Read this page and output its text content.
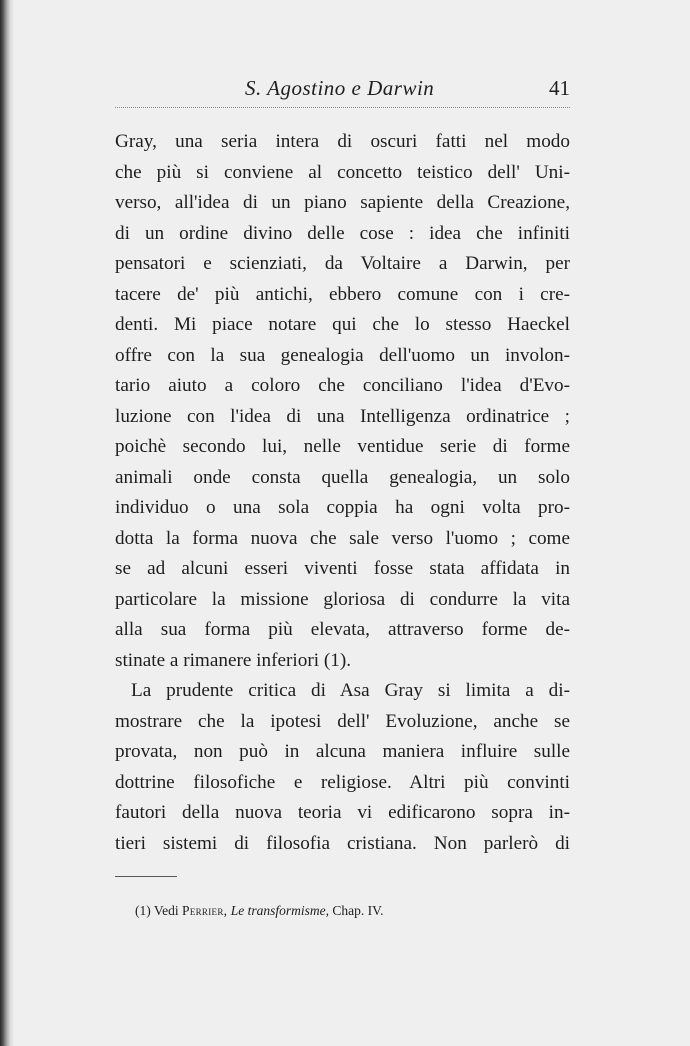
S. Agostino e Darwin	41
Gray, una seria intera di oscuri fatti nel modo
che più si conviene al concetto teistico dell' Uni-
verso, all'idea di un piano sapiente della Creazione,
di un ordine divino delle cose : idea che infiniti
pensatori e scienziati, da Voltaire a Darwin, per
tacere de' più antichi, ebbero comune con i cre-
denti. Mi piace notare qui che lo stesso Haeckel
offre con la sua genealogia dell'uomo un involon-
tario aiuto a coloro che conciliano l'idea d'Evo-
luzione con l'idea di una Intelligenza ordinatrice ;
poichè secondo lui, nelle ventidue serie di forme
animali onde consta quella genealogia, un solo
individuo o una sola coppia ha ogni volta pro-
dotta la forma nuova che sale verso l'uomo ; come
se ad alcuni esseri viventi fosse stata affidata in
particolare la missione gloriosa di condurre la vita
alla sua forma più elevata, attraverso forme de-
stinate a rimanere inferiori (1).
La prudente critica di Asa Gray si limita a di-
mostrare che la ipotesi dell' Evoluzione, anche se
provata, non può in alcuna maniera influire sulle
dottrine filosofiche e religiose. Altri più convinti
fautori della nuova teoria vi edificarono sopra in-
tieri sistemi di filosofia cristiana. Non parlerò di
(1) Vedi Perrier, Le transformisme, Chap. IV.
